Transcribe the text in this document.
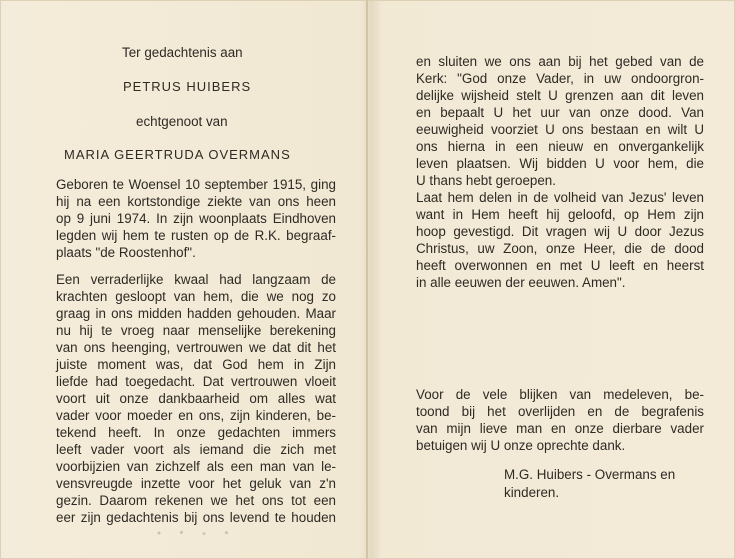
Ter gedachtenis aan
PETRUS HUIBERS
echtgenoot van
MARIA GEERTRUDA OVERMANS
Geboren te Woensel 10 september 1915, ging
hij na een kortstondige ziekte van ons heen
op 9 juni 1974. In zijn woonplaats Eindhoven
legden wij hem te rusten op de R.K. begraaf-
plaats "de Roostenhof".
Een verraderlijke kwaal had langzaam de
krachten gesloopt van hem, die we nog zo
graag in ons midden hadden gehouden. Maar
nu hij te vroeg naar menselijke berekening
van ons heenging, vertrouwen we dat dit het
juiste moment was, dat God hem in Zijn
liefde had toegedacht. Dat vertrouwen vloeit
voort uit onze dankbaarheid om alles wat
vader voor moeder en ons, zijn kinderen, be-
tekend heeft. In onze gedachten immers
leeft vader voort als iemand die zich met
voorbijzien van zichzelf als een man van le-
vensvreugde inzette voor het geluk van z'n
gezin. Daarom rekenen we het ons tot een
eer zijn gedachtenis bij ons levend te houden
en sluiten we ons aan bij het gebed van de
Kerk: "God onze Vader, in uw ondoorgron-
delijke wijsheid stelt U grenzen aan dit leven
en bepaalt U het uur van onze dood. Van
eeuwigheid voorziet U ons bestaan en wilt U
ons hierna in een nieuw en onvergankelijk
leven plaatsen. Wij bidden U voor hem, die
U thans hebt geroepen.
Laat hem delen in de volheid van Jezus' leven
want in Hem heeft hij geloofd, op Hem zijn
hoop gevestigd. Dit vragen wij U door Jezus
Christus, uw Zoon, onze Heer, die de dood
heeft overwonnen en met U leeft en heerst
in alle eeuwen der eeuwen. Amen".
Voor de vele blijken van medeleven, be-
toond bij het overlijden en de begrafenis
van mijn lieve man en onze dierbare vader
betuigen wij U onze oprechte dank.
M.G. Huibers - Overmans en
kinderen.
